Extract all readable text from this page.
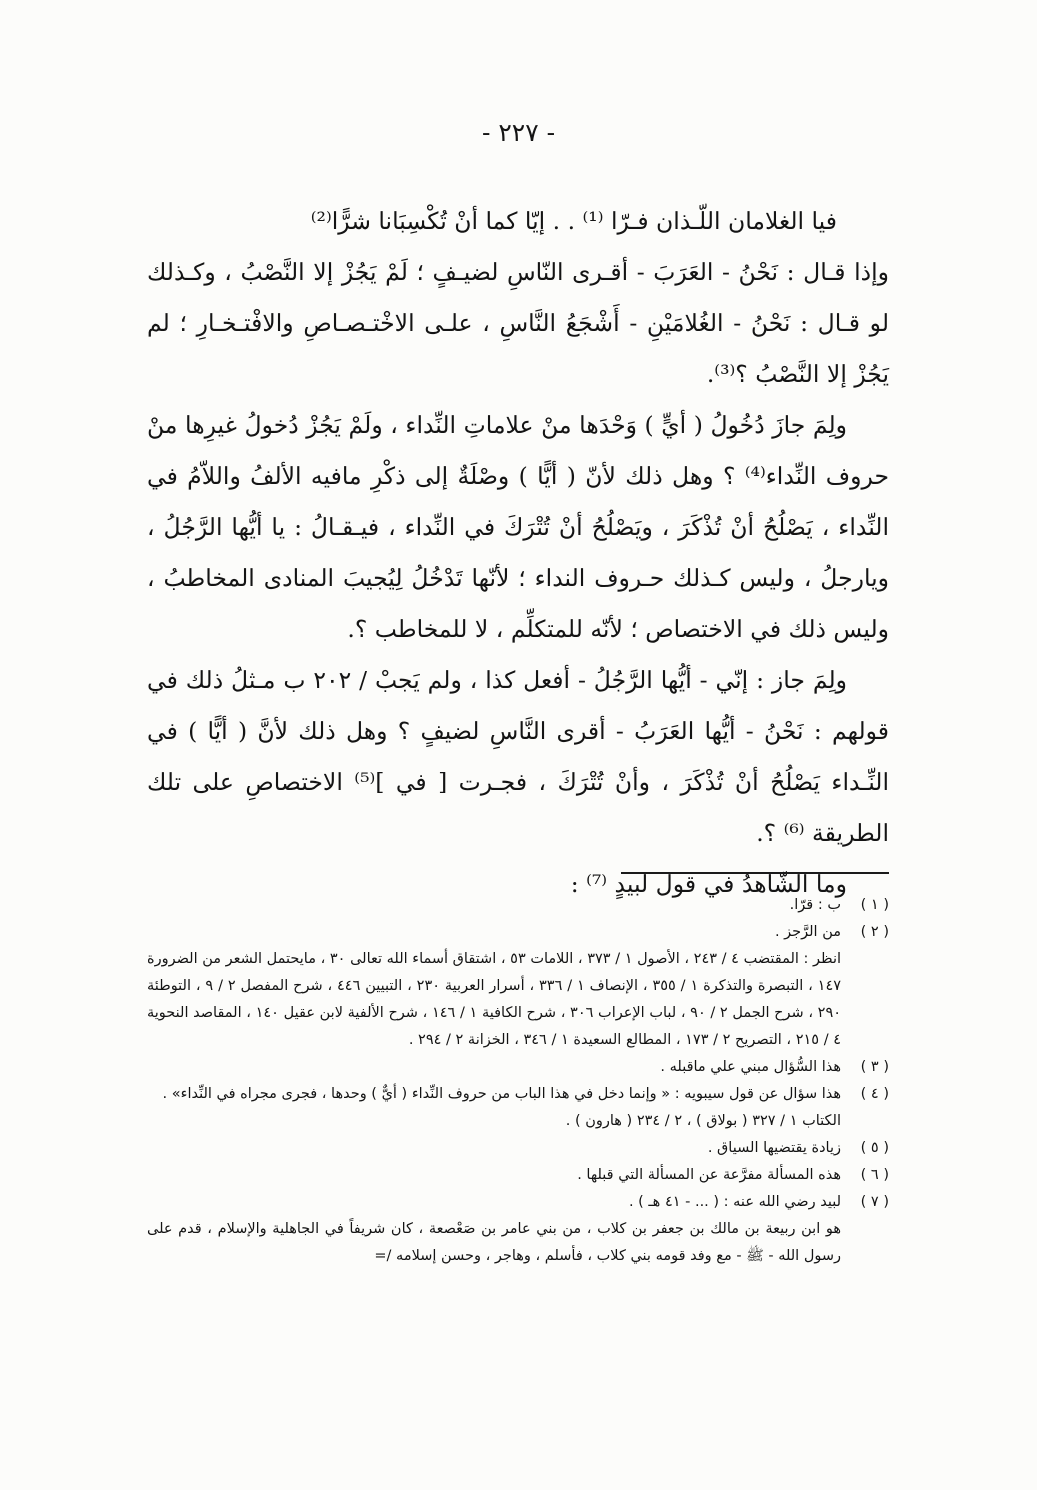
- ٢٢٧ -

فيا الغلامان اللّـذان فـرّا ⁽¹⁾ . . إيّا كما أنْ تُكْسِبَانا شرًّا⁽²⁾

وإذا قـال : نَحْنُ - العَرَبَ - أقـرى النّاسِ لضيـفٍ ؛ لَمْ يَجُزْ إلا النَّصْبُ ، وكـذلك لو قـال : نَحْنُ - الغُلامَيْنِ - أَشْجَعُ النَّاسِ ، علـى الاخْتـصـاصِ والافْتـخـارِ ؛ لم يَجُزْ إلا النَّصْبُ ؟⁽³⁾.

ولِمَ جازَ دُخُولُ ( أيٍّ ) وَحْدَها منْ علاماتِ النِّداء ، ولَمْ يَجُزْ دُخولُ غيرِها منْ حروف النِّداء⁽⁴⁾ ؟ وهل ذلك لأنّ ( أيًّا ) وصْلَةٌ إلى ذكْرِ مافيه الألفُ واللاّمُ في النِّداء ، يَصْلُحُ أنْ تُذْكَرَ ، ويَصْلُحُ أنْ تُتْرَكَ في النِّداء ، فيـقـالُ : يا أيُّها الرَّجُلُ ، ويارجلُ ، وليس كـذلك حـروف النداء ؛ لأنّها تَدْخُلُ لِيُجيبَ المنادى المخاطبُ ، وليس ذلك في الاختصاص ؛ لأنّه للمتكلِّم ، لا للمخاطب ؟.

ولِمَ جاز : إنّي - أيُّها الرَّجُلُ - أفعل كذا ، ولم يَجبْ / ٢٠٢ ب مـثلُ ذلك في قولهم : نَحْنُ - أيُّها العَرَبُ - أقرى النَّاسِ لضيفٍ ؟ وهل ذلك لأنَّ ( أيًّا ) في النِّـداء يَصْلُحُ أنْ تُذْكَرَ ، وأنْ تُتْرَكَ ، فجـرت [ في ]⁽⁵⁾ الاختصاصِ على تلك الطريقة ⁽⁶⁾ ؟.

وما الشّاهدُ في قول لبيدٍ ⁽⁷⁾ :

( ١ )
ب : قرّا.
( ٢ )
من الرَّجز .

انظر : المقتضب ٤ / ٢٤٣ ، الأصول ١ / ٣٧٣ ، اللامات ٥٣ ، اشتقاق أسماء الله تعالى ٣٠ ، مايحتمل الشعر من الضرورة ١٤٧ ، التبصرة والتذكرة ١ / ٣٥٥ ، الإنصاف ١ / ٣٣٦ ، أسرار العربية ٢٣٠ ، التبيين ٤٤٦ ، شرح المفصل ٢ / ٩ ، التوطئة ٢٩٠ ، شرح الجمل ٢ / ٩٠ ، لباب الإعراب ٣٠٦ ، شرح الكافية ١ / ١٤٦ ، شرح الألفية لابن عقيل ١٤٠ ، المقاصد النحوية ٤ / ٢١٥ ، التصريح ٢ / ١٧٣ ، المطالع السعيدة ١ / ٣٤٦ ، الخزانة ٢ / ٢٩٤ .

( ٣ )
هذا السُّؤال مبني علي ماقبله .
( ٤ )
هذا سؤال عن قول سيبويه : « وإنما دخل في هذا الباب من حروف النِّداء ( أيٌّ ) وحدها ، فجرى مجراه في النِّداء» . الكتاب ١ / ٣٢٧ ( بولاق ) ، ٢ / ٢٣٤ ( هارون ) .
( ٥ )
زيادة يقتضيها السياق .
( ٦ )
هذه المسألة مفرَّعة عن المسألة التي قبلها .
( ٧ )
لبيد رضي الله عنه : ( ... - ٤١ هـ ) .

هو ابن ربيعة بن مالك بن جعفر بن كلاب ، من بني عامر بن صَعْصعة ، كان شريفاً في الجاهلية والإسلام ، قدم على رسول الله - ﷺ - مع وفد قومه بني كلاب ، فأسلم ، وهاجر ، وحسن إسلامه /=
